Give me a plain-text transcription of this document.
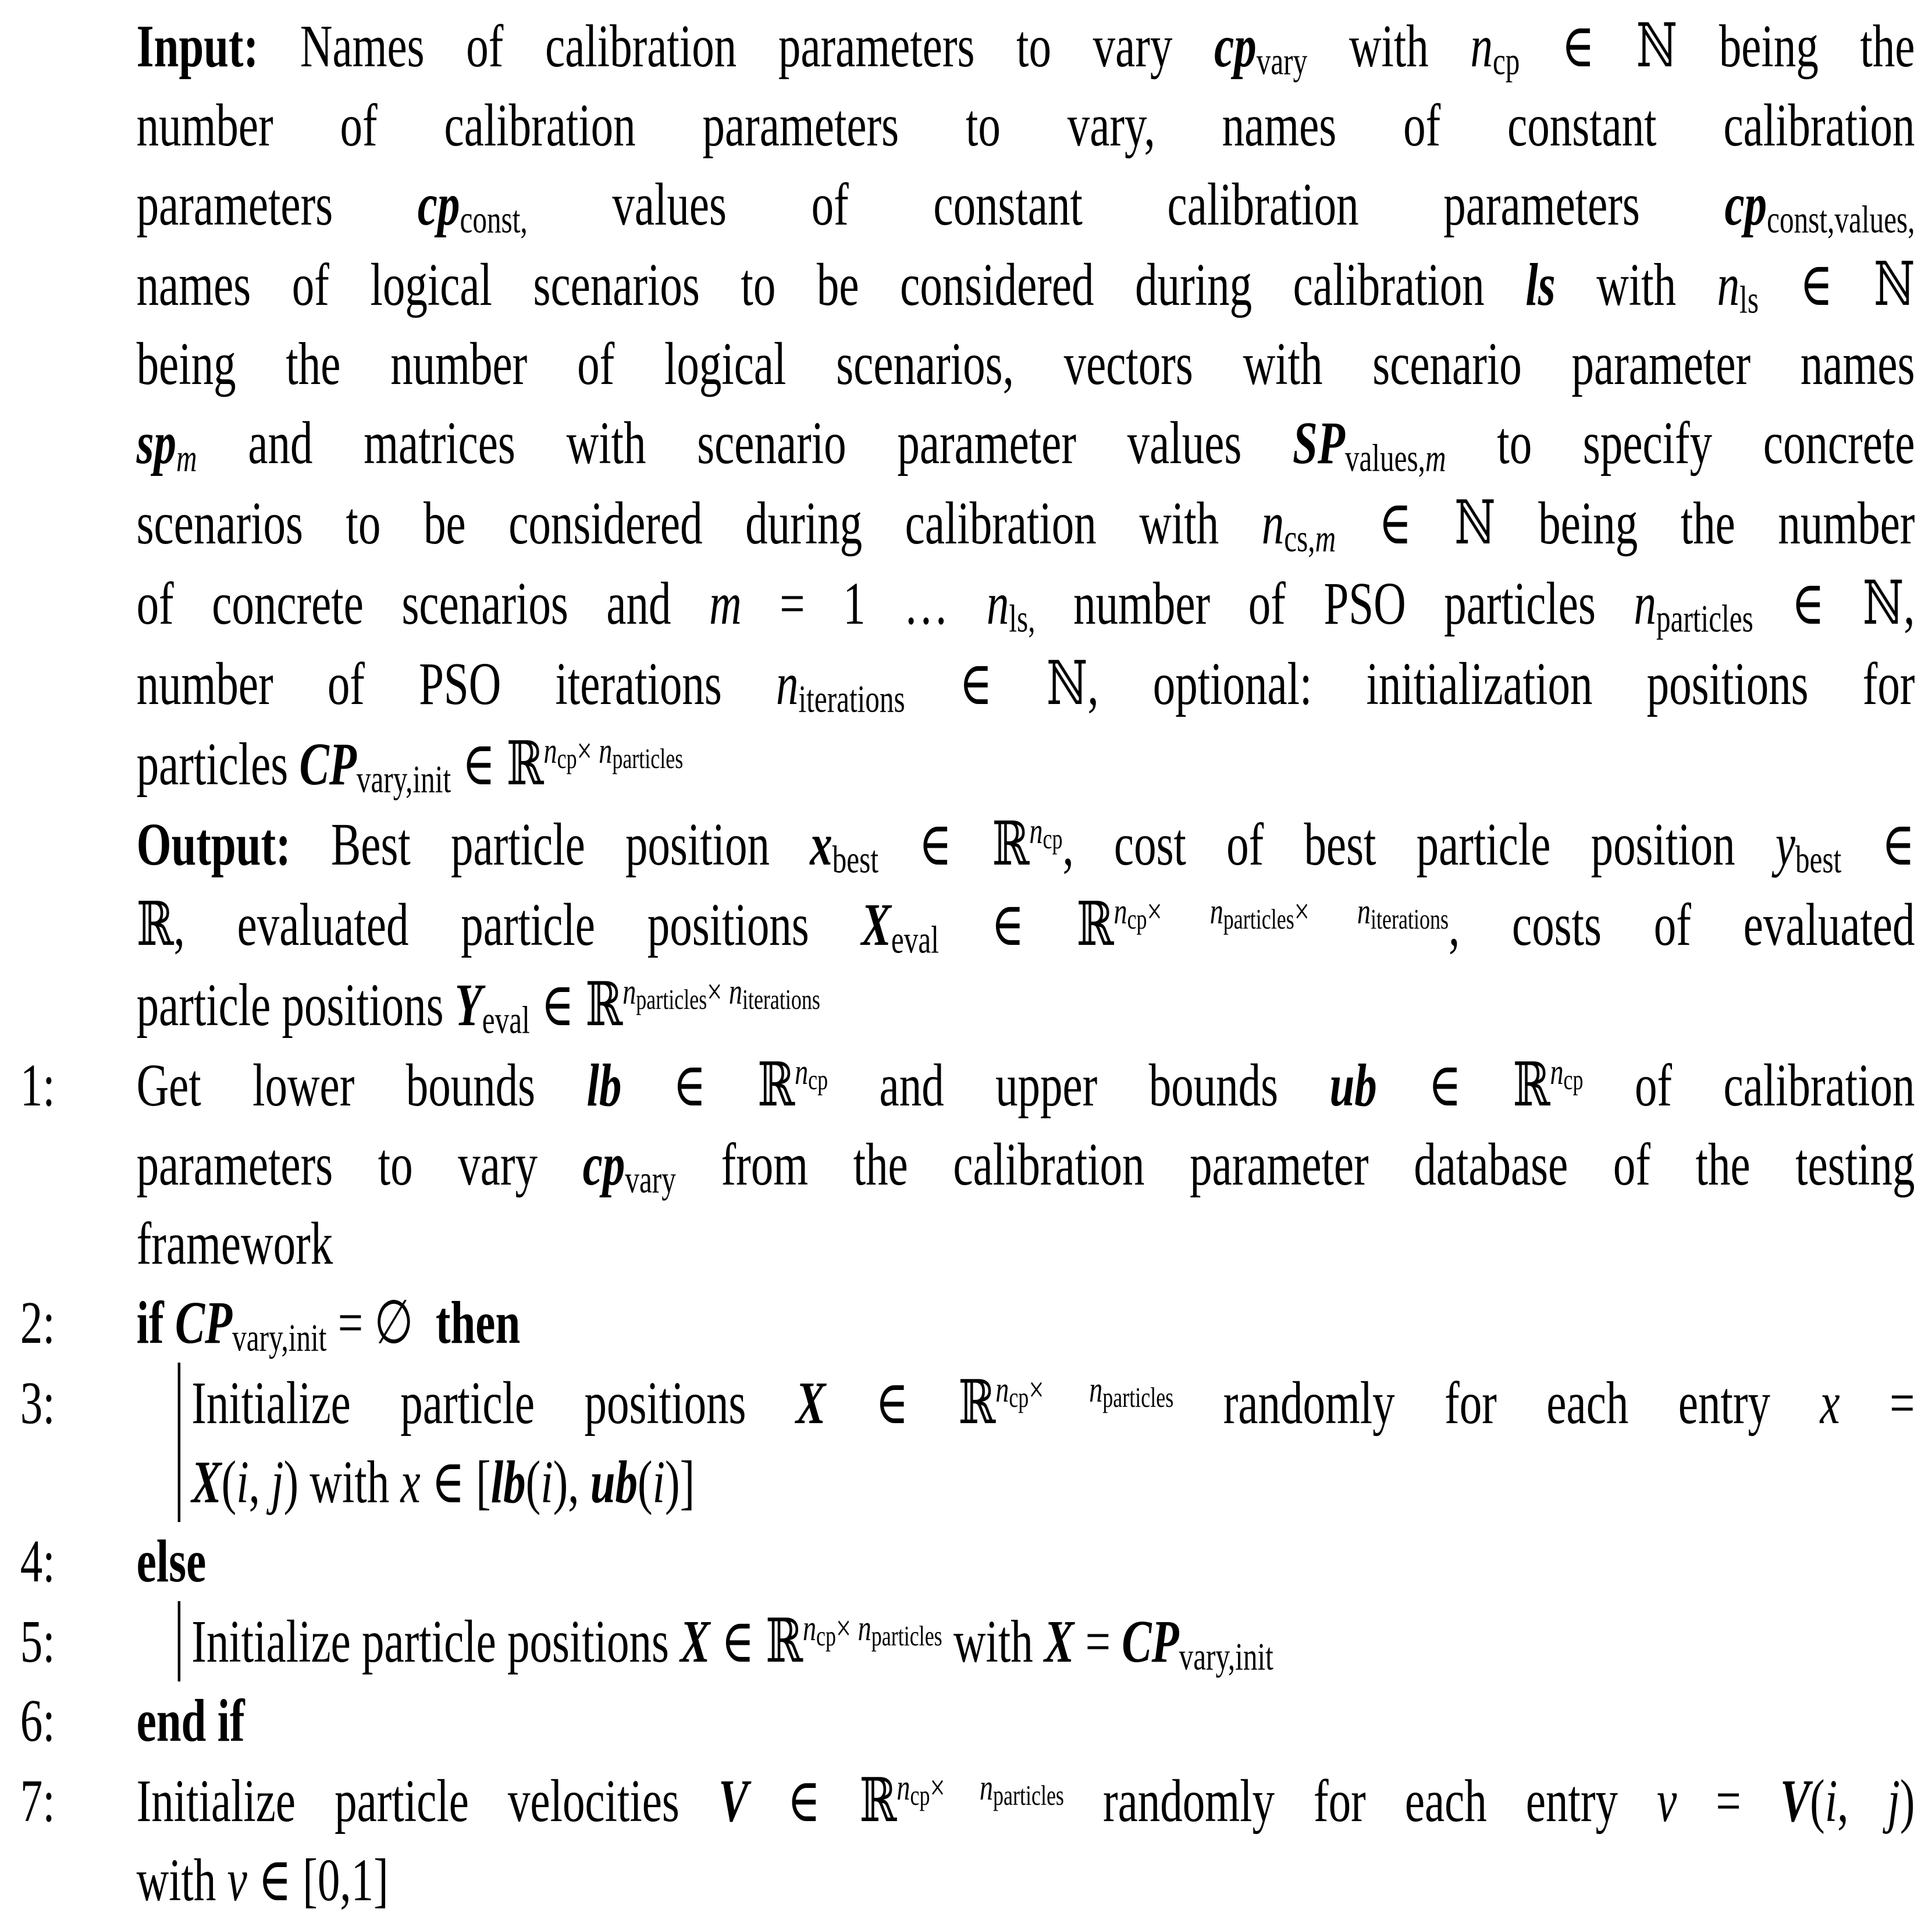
Input: Names of calibration parameters to vary $cp_{vary}$ with $n_{cp}$ ∈ ℕ being the
number of calibration parameters to vary, names of constant calibration
parameters $cp_{const,}$ values of constant calibration parameters $cp_{const,values,}$
names of logical scenarios to be considered during calibration ls with $n_{ls}$ ∈ ℕ
being the number of logical scenarios, vectors with scenario parameter names
$sp_m$ and matrices with scenario parameter values $SP_{values,m}$ to specify concrete
scenarios to be considered during calibration with $n_{cs,m}$ ∈ ℕ being the number
of concrete scenarios and m = 1 … $n_{ls,}$ number of PSO particles $n_{particles}$ ∈ ℕ,
number of PSO iterations $n_{iterations}$ ∈ ℕ, optional: initialization positions for
particles $CP_{vary,init}$ ∈ ℝ$^{n_{cp}\times n_{particles}}$
Output: Best particle position $x_{best}$ ∈ ℝ$^{n_{cp}}$, cost of best particle position $y_{best}$ ∈
ℝ, evaluated particle positions $X_{eval}$ ∈ ℝ$^{n_{cp}\times n_{particles}\times n_{iterations}}$, costs of evaluated
particle positions $Y_{eval}$ ∈ ℝ$^{n_{particles}\times n_{iterations}}$
1:	Get lower bounds lb ∈ ℝ$^{n_{cp}}$ and upper bounds ub ∈ ℝ$^{n_{cp}}$ of calibration
parameters to vary $cp_{vary}$ from the calibration parameter database of the testing
framework
2:	if $CP_{vary,init}$ = ∅  then
3:	Initialize particle positions X ∈ ℝ$^{n_{cp}\times n_{particles}}$ randomly for each entry x =
X(i, j) with x ∈ [lb(i), ub(i)]
4:	else
5:	Initialize particle positions X ∈ ℝ$^{n_{cp}\times n_{particles}}$ with $X = CP_{vary,init}$
6:	end if
7:	Initialize particle velocities V ∈ ℝ$^{n_{cp}\times n_{particles}}$ randomly for each entry v = V(i, j)
with v ∈ [0,1]
